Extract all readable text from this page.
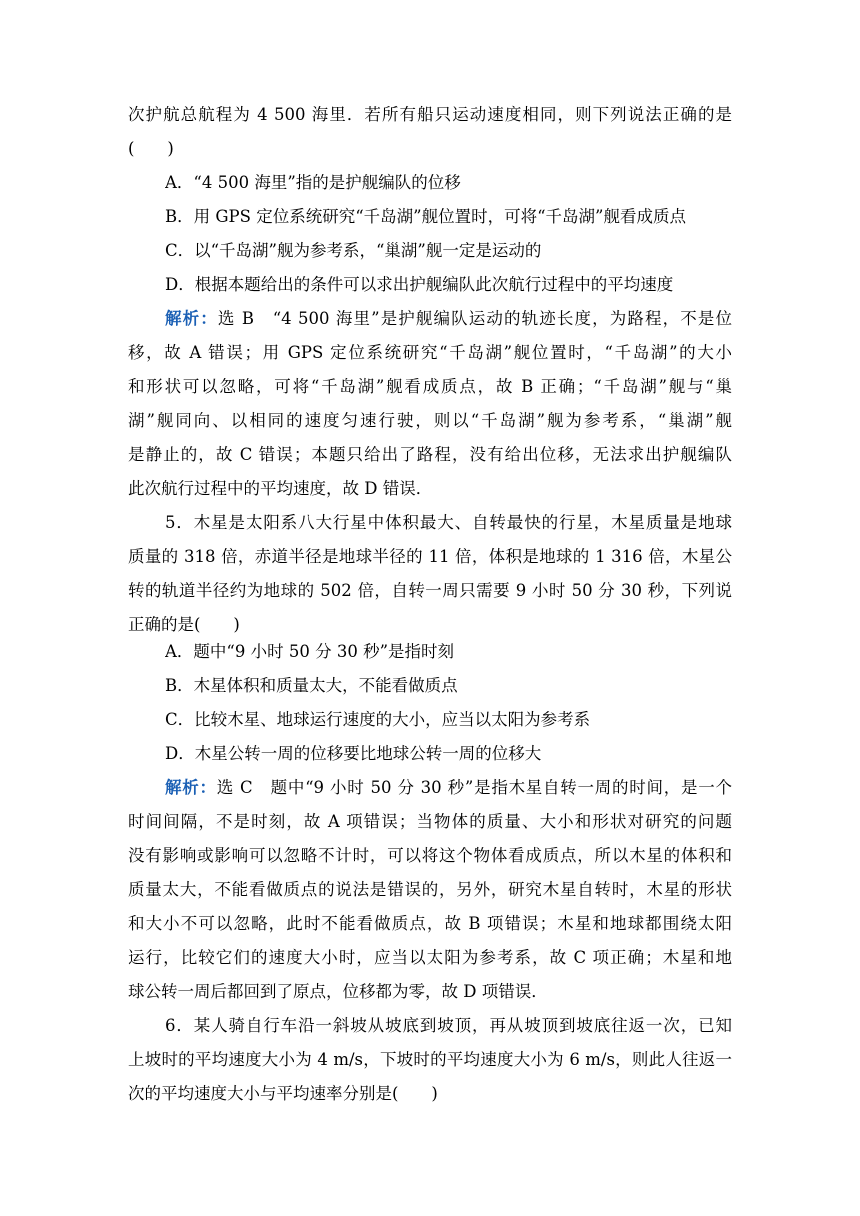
次护航总航程为 4 500 海里．若所有船只运动速度相同，则下列说法正确的是
(　　)
A．“4 500 海里”指的是护舰编队的位移
B．用 GPS 定位系统研究“千岛湖”舰位置时，可将“千岛湖”舰看成质点
C．以“千岛湖”舰为参考系，“巢湖”舰一定是运动的
D．根据本题给出的条件可以求出护舰编队此次航行过程中的平均速度
解析：选 B　“4 500 海里”是护舰编队运动的轨迹长度，为路程，不是位
移，故 A 错误；用 GPS 定位系统研究“千岛湖”舰位置时，“千岛湖”的大小
和形状可以忽略，可将“千岛湖”舰看成质点，故 B 正确；“千岛湖”舰与“巢
湖”舰同向、以相同的速度匀速行驶，则以“千岛湖”舰为参考系，“巢湖”舰
是静止的，故 C 错误；本题只给出了路程，没有给出位移，无法求出护舰编队
此次航行过程中的平均速度，故 D 错误．
5．木星是太阳系八大行星中体积最大、自转最快的行星，木星质量是地球
质量的 318 倍，赤道半径是地球半径的 11 倍，体积是地球的 1 316 倍，木星公
转的轨道半径约为地球的 502 倍，自转一周只需要 9 小时 50 分 30 秒，下列说
正确的是(　　)
A．题中“9 小时 50 分 30 秒”是指时刻
B．木星体积和质量太大，不能看做质点
C．比较木星、地球运行速度的大小，应当以太阳为参考系
D．木星公转一周的位移要比地球公转一周的位移大
解析：选 C　题中“9 小时 50 分 30 秒”是指木星自转一周的时间，是一个
时间间隔，不是时刻，故 A 项错误；当物体的质量、大小和形状对研究的问题
没有影响或影响可以忽略不计时，可以将这个物体看成质点，所以木星的体积和
质量太大，不能看做质点的说法是错误的，另外，研究木星自转时，木星的形状
和大小不可以忽略，此时不能看做质点，故 B 项错误；木星和地球都围绕太阳
运行，比较它们的速度大小时，应当以太阳为参考系，故 C 项正确；木星和地
球公转一周后都回到了原点，位移都为零，故 D 项错误．
6．某人骑自行车沿一斜坡从坡底到坡顶，再从坡顶到坡底往返一次，已知
上坡时的平均速度大小为 4 m/s，下坡时的平均速度大小为 6 m/s，则此人往返一
次的平均速度大小与平均速率分别是(　　)
